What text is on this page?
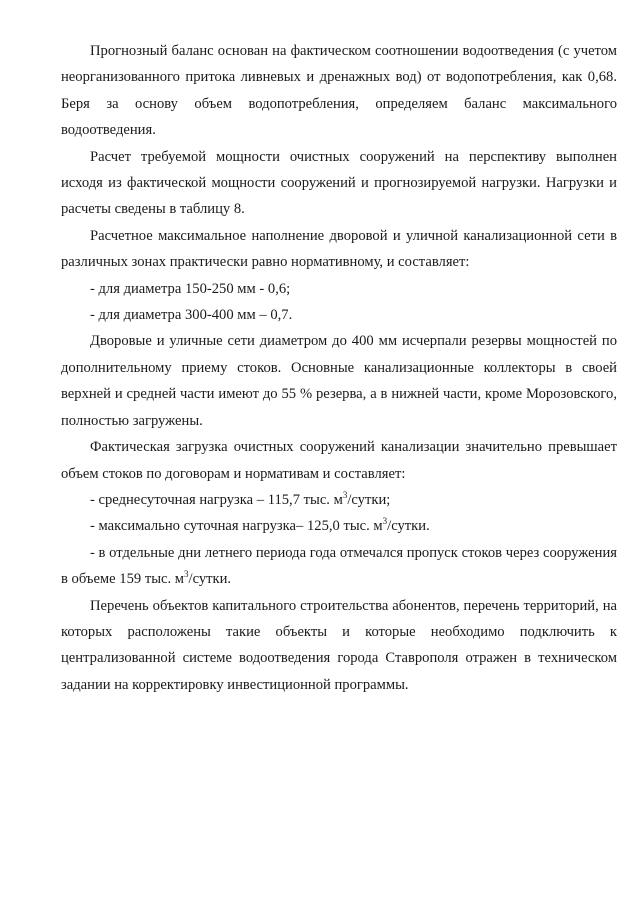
Прогнозный баланс основан на фактическом соотношении водоотведения (с учетом неорганизованного притока ливневых и дренажных вод) от водопотребления, как 0,68. Беря за основу объем водопотребления, определяем баланс максимального водоотведения.

Расчет требуемой мощности очистных сооружений на перспективу выполнен исходя из фактической мощности сооружений и прогнозируемой нагрузки. Нагрузки и расчеты сведены в таблицу 8.

Расчетное максимальное наполнение дворовой и уличной канализационной сети в различных зонах практически равно нормативному, и составляет:

- для диаметра 150-250 мм - 0,6;

- для диаметра 300-400 мм – 0,7.

Дворовые и уличные сети диаметром до 400 мм исчерпали резервы мощностей по дополнительному приему стоков. Основные канализационные коллекторы в своей верхней и средней части имеют до 55 % резерва, а в нижней части, кроме Морозовского, полностью загружены.

Фактическая загрузка очистных сооружений канализации значительно превышает объем стоков по договорам и нормативам и составляет:

- среднесуточная нагрузка – 115,7 тыс. $м^3$/сутки;

- максимально суточная нагрузка– 125,0 тыс. $м^3$/сутки.

- в отдельные дни летнего периода года отмечался пропуск стоков через сооружения в объеме 159 тыс. $м^3$/сутки.

Перечень объектов капитального строительства абонентов, перечень территорий, на которых расположены такие объекты и которые необходимо подключить к централизованной системе водоотведения города Ставрополя отражен в техническом задании на корректировку инвестиционной программы.
